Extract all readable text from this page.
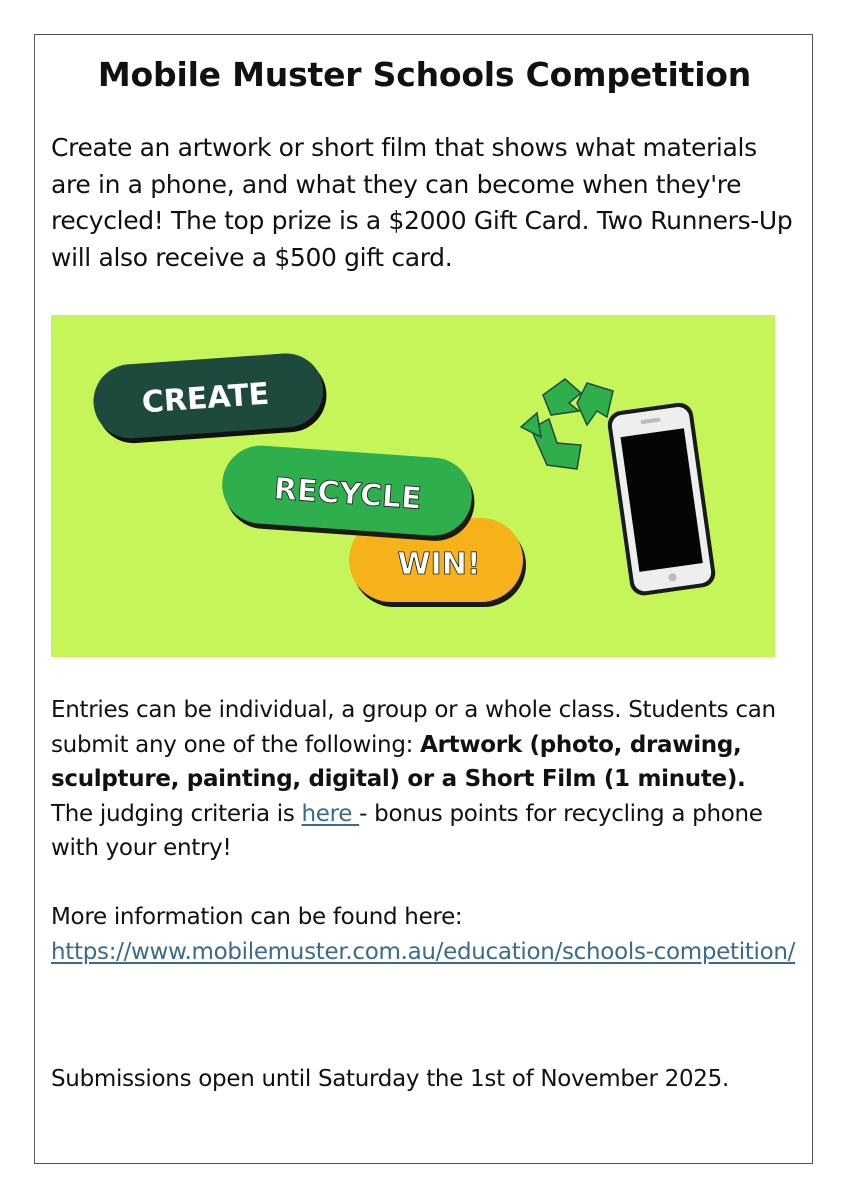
Mobile Muster Schools Competition

Create an artwork or short film that shows what materials are in a phone, and what they can become when they're recycled! The top prize is a $2000 Gift Card. Two Runners-Up will also receive a $500 gift card.

WIN!
RECYCLE
CREATE

Entries can be individual, a group or a whole class. Students can submit any one of the following: Artwork (photo, drawing, sculpture, painting, digital) or a Short Film (1 minute).

The judging criteria is here - bonus points for recycling a phone with your entry!

More information can be found here:

https://www.mobilemuster.com.au/education/schools-competition/

Submissions open until Saturday the 1st of November 2025.
